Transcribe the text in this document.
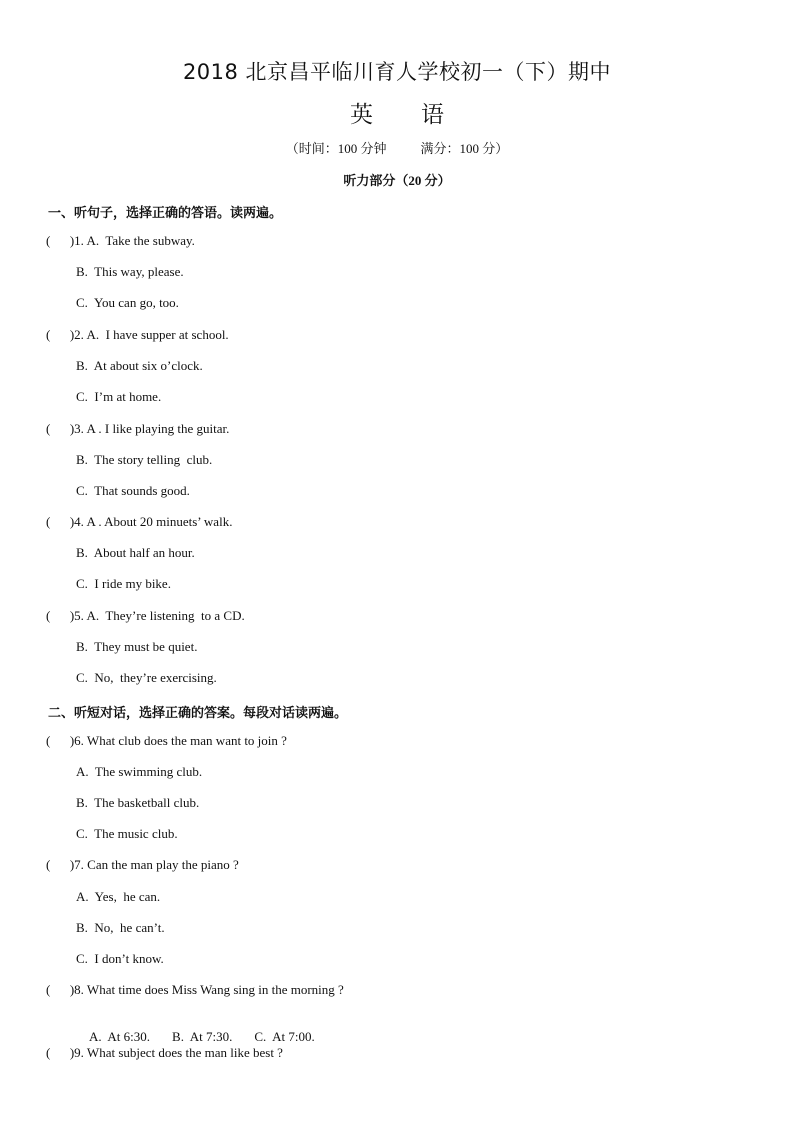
2018 北京昌平临川育人学校初一（下）期中
英 语
（时间：100 分钟	满分：100 分）
听力部分（20 分）
一、听句子，选择正确的答语。读两遍。
(      )1. A.  Take the subway.
B.  This way, please.
C.  You can go, too.
(      )2. A.  I have supper at school.
B.  At about six o’clock.
C.  I’m at home.
(      )3. A . I like playing the guitar.
B.  The story telling  club.
C.  That sounds good.
(      )4. A . About 20 minuets’ walk.
B.  About half an hour.
C.  I ride my bike.
(      )5. A.  They’re listening  to a CD.
B.  They must be quiet.
C.  No,  they’re exercising.
二、听短对话，选择正确的答案。每段对话读两遍。
(      )6. What club does the man want to join ?
A.  The swimming club.
B.  The basketball club.
C.  The music club.
(      )7. Can the man play the piano ?
A.  Yes,  he can.
B.  No,  he can’t.
C.  I don’t know.
(      )8. What time does Miss Wang sing in the morning ?

A.  At 6:30. B.  At 7:30. C.  At 7:00.

(      )9. What subject does the man like best ?
